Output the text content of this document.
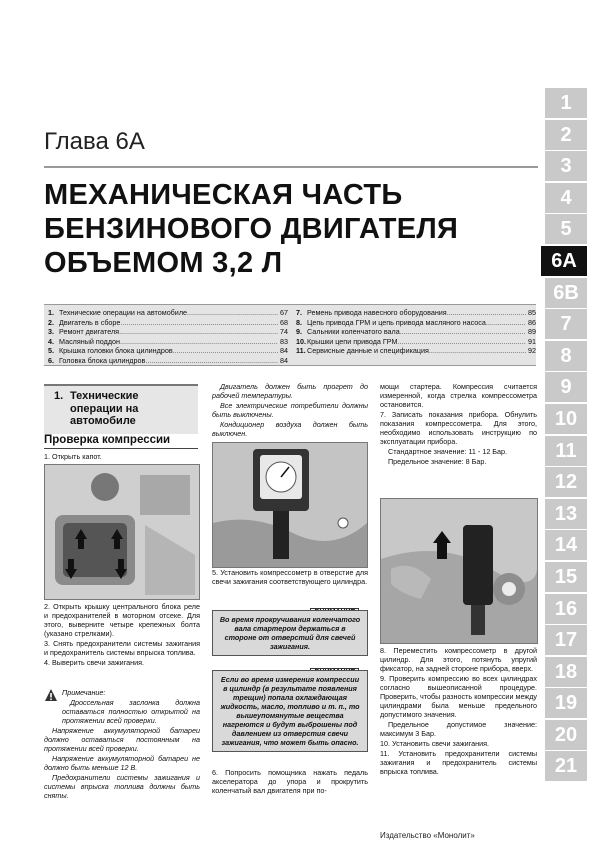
Глава 6А
МЕХАНИЧЕСКАЯ ЧАСТЬ
БЕНЗИНОВОГО ДВИГАТЕЛЯ
ОБЪЕМОМ 3,2 Л
1
2
3
4
5
6A
6B
7
8
9
10
11
12
13
14
15
16
17
18
19
20
21
1. Технические операции на автомобиле .....	67
2. Двигатель в сборе .....	68
3. Ремонт двигателя .....	74
4. Масляный поддон .....	83
5. Крышка головки блока цилиндров .....	84
6. Головка блока цилиндров .....	84
7. Ремень привода навесного оборудования .....	85
8. Цепь привода ГРМ и цепь привода масляного насоса .....	86
9. Сальники коленчатого вала .....	89
10. Крышки цепи привода ГРМ .....	91
11. Сервисные данные и спецификация .....	92
1. Технические операции на автомобиле
Проверка компрессии

1. Открыть капот.

2. Открыть крышку центрального блока реле и предохранителей в моторном отсеке. Для этого, выверните четыре крепежных болта (указано стрелками).

3. Снять предохранители системы зажигания и предохранитель системы впрыска топлива.

4. Выверить свечи зажигания.

Примечание:

Дроссельная заслонка должна оставаться полностью открытой на протяжении всей проверки.

Напряжение аккумуляторной батареи должно оставаться постоянным на протяжении всей проверки.

Напряжение аккумуляторной батареи не должно быть меньше 12 В.

Предохранители системы зажигания и системы впрыска топлива должны быть сняты.

Двигатель должен быть прогрет до рабочей температуры.

Все электрические потребители должны быть выключены.

Кондиционер воздуха должен быть выключен.

5. Установить компрессометр в отверстие для свечи зажигания соответствующего цилиндра.

Во время прокручивания коленчатого вала стартером держаться в стороне от отверстий для свечей зажигания.
Если во время измерения компрессии в цилиндр (в результате появления трещин) попала охлаждающая жидкость, масло, топливо и т. п., то вышеупомянутые вещества нагреются и будут выброшены под давлением из отверстия свечи зажигания, что может быть опасно.

6. Попросить помощника нажать педаль акселератора до упора и прокрутить коленчатый вал двигателя при по-

мощи стартера. Компрессия считается измеренной, когда стрелка компрессометра остановится.

7. Записать показания прибора. Обнулить показания компрессометра. Для этого, необходимо использовать инструкцию по эксплуатации прибора.

Стандартное значение: 11 - 12 Бар.

Предельное значение: 8 Бар.

8. Переместить компрессометр в другой цилиндр. Для этого, потянуть упругий фиксатор, на задней стороне прибора, вверх.

9. Проверить компрессию во всех цилиндрах согласно вышеописанной процедуре. Проверить, чтобы разность компрессии между цилиндрами была меньше предельного допустимого значения.

Предельное допустимое значение: максимум 3 Бар.

10. Установить свечи зажигания.

11. Установить предохранители системы зажигания и предохранитель системы впрыска топлива.

Издательство «Монолит»
